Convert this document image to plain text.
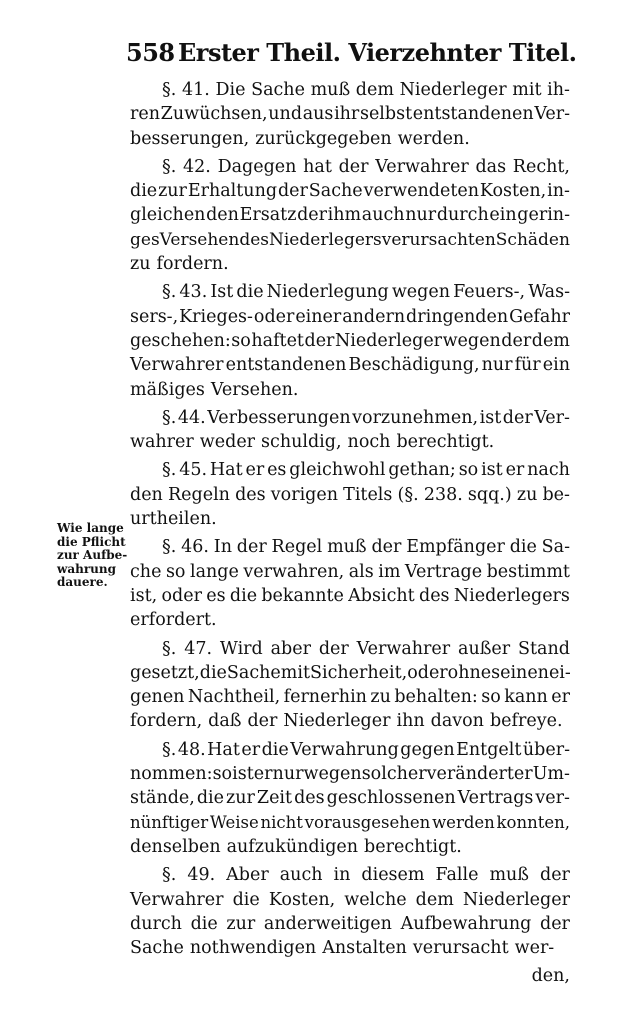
558 Erster Theil. Vierzehnter Titel.
Wie lange
die Pflicht
zur Aufbe-
wahrung
dauere.
§. 41. Die Sache muß dem Niederleger mit ih-
ren Zuwüchsen, und aus ihr selbst entstandenen Ver-
besserungen, zurückgegeben werden.
§. 42. Dagegen hat der Verwahrer das Recht,
die zur Erhaltung der Sache verwendeten Kosten, in-
gleichen den Ersatz der ihm auch nur durch ein gerin-
ges Versehen des Niederlegers verursachten Schäden
zu fordern.
§. 43. Ist die Niederlegung wegen Feuers-, Was-
sers-, Krieges- oder einer andern dringenden Gefahr
geschehen: so haftet der Niederleger wegen der dem
Verwahrer entstandenen Beschädigung, nur für ein
mäßiges Versehen.
§. 44. Verbesserungen vorzunehmen, ist der Ver-
wahrer weder schuldig, noch berechtigt.
§. 45. Hat er es gleichwohl gethan; so ist er nach
den Regeln des vorigen Titels (§. 238. sqq.) zu be-
urtheilen.
§. 46. In der Regel muß der Empfänger die Sa-
che so lange verwahren, als im Vertrage bestimmt
ist, oder es die bekannte Absicht des Niederlegers
erfordert.
§. 47. Wird aber der Verwahrer außer Stand
gesetzt, die Sache mit Sicherheit, oder ohne seinen ei-
genen Nachtheil, fernerhin zu behalten: so kann er
fordern, daß der Niederleger ihn davon befreye.
§. 48. Hat er die Verwahrung gegen Entgelt über-
nommen: so ist er nur wegen solcher veränderter Um-
stände, die zur Zeit des geschlossenen Vertrags ver-
nünftiger Weise nicht vorausgesehen werden konnten,
denselben aufzukündigen berechtigt.
§. 49. Aber auch in diesem Falle muß der
Verwahrer die Kosten, welche dem Niederleger
durch die zur anderweitigen Aufbewahrung der
Sache nothwendigen Anstalten verursacht wer-
den,
